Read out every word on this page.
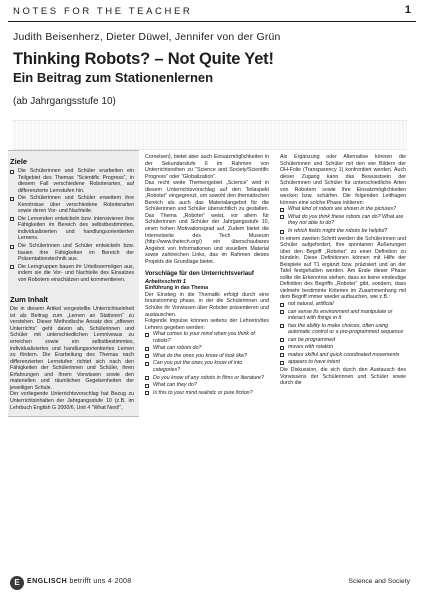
NOTES FOR THE TEACHER	1
Judith Beisenherz, Dieter Düwel, Jennifer von der Grün
Thinking Robots? – Not Quite Yet!
Ein Beitrag zum Stationenlernen
(ab Jahrgangsstufe 10)
Ziele
Die Schülerinnen und Schüler erarbeiten ein Teilgebiet des Themas “Scientific Progress”, in diesem Fall verschiedene Roboterarten, auf differenzierte Lernstufen hin.
Die Schülerinnen und Schüler erweitern ihre Kenntnisse über verschiedene Roboterarten sowie deren Vor- und Nachteile.
Die Lernenden entwickeln bzw. intensivieren ihre Fähigkeiten im Bereich des selbstbestimmten, individualisierten und handlungsorientierten Lernens.
Die Schülerinnen und Schüler entwickeln bzw. bauen ihre Fähigkeiten im Bereich der Präsentationstechnik aus.
Die Lerngruppen bauen ihr Urteilsvermögen aus, indem sie die Vor- und Nachteile des Einsatzes von Robotern einschätzen und kommentieren.
Zum Inhalt

Die in diesem Artikel vorgestellte Unterrichtseinheit ist als Beitrag zum „Lernen an Stationen“ zu verstehen. Dieser Methodische Ansatz des „offenen Unterrichts“ geht davon ab, Schülerinnen und Schüler mit unterschiedlichen Lernniveaus zu erreichen sowie ein selbstbestimmtes, individualisiertes und handlungsorientiertes Lernen zu fördern. Die Erarbeitung des Themas nach differenzierten Lernstufen richtet sich nach den Fähigkeiten der Schülerinnen und Schüler, ihren Erfahrungen und ihrem Vorwissen sowie den materiellen und räumlichen Gegebenheiten der jeweiligen Schule.

Der vorliegende Unterrichtsvorschlag hat Bezug zu Unterrichtsinhalten der Jahrgangsstufe 10 (z.B. im Lehrbuch English G 2000/6, Unit 4 “What Next!”,

Cornelsen), bietet aber auch Einsatzmöglichkeiten in der Sekundarstufe II im Rahmen von Unterrichtsreihen zu “Science and Society/Scientific Progress” oder “Globalization”.

Das recht weite Themengebiet „Science“ wird in diesem Unterrichtsvorschlag auf den Teilaspekt „Roboter“ eingegrenzt, um sowohl den thematischen Bereich als auch das Materialangebot für die Schülerinnen und Schüler übersichtlich zu gestalten. Das Thema „Roboter“ weist, vor allem für Schülerinnen und Schüler der Jahrgangsstufe 10, einen hohen Motivationsgrad auf. Zudem bietet die Internetseite des Tech Museum (http://www.thetech.org/) ein überschaubares Angebot von Informationen und visuellem Material sowie zahlreichen Links, das im Rahmen dieses Projekts die Grundlage bietet.

Vorschläge für den Unterrichtsverlauf
Arbeitsschritt 1

Einführung in das Thema

Der Einstieg in die Thematik erfolgt durch eine brainstorming phase, in der die Schülerinnen und Schüler ihr Vorwissen über Roboter präsentieren und austauschen.

Folgende Impulse können seitens der Lehrerin/des Lehrers gegeben werden:

What comes to your mind when you think of robots?
What can robots do?
What do the ones you know of look like?
Can you put the ones you know of into categories?
Do you know of any robots in films or literature?
What can they do?
Is this to your mind realistic or pure fiction?

Als Ergänzung oder Alternative können die Schülerinnen und Schüler mit den vier Bildern der OH-Folie (Transparency 1) konfrontiert werden. Auch dieser Zugang kann das Bewusstsein der Schülerinnen und Schüler für unterschiedliche Arten von Robotern sowie ihre Einsatzmöglichkeiten wecken bzw. schärfen. Die folgenden Leitfragen können eine solche Phase initiieren:

What kind of robots are shown in the pictures?
What do you think these robots can do? What are they not able to do?
In which fields might the robots be helpful?

In einem zweiten Schritt werden die Schülerinnen und Schüler aufgefordert, ihre spontanen Äußerungen über den Begriff „Roboter“ zu einer Definition zu bündeln. Diese Definitionen können mit Hilfe der Beispiele auf T1 ergänzt bzw. präzisiert und an der Tafel festgehalten werden. Am Ende dieser Phase sollte die Erkenntnis stehen, dass es keine eindeutige Definition des Begriffs „Roboter“ gibt, sondern, dass vielmehr bestimmte Kriterien im Zusammenhang mit dem Begriff immer wieder auftauchen, wie z.B.:

not natural, artificial
can sense its environment and manipulate or interact with things in it
has the ability to make choices, often using automatic control or a pre-programmed sequence
can be programmed
moves with rotation
makes skilful and quick coordinated movements
appears to have intent

Die Diskussion, die sich durch den Austausch des Vorwissens der Schülerinnen und Schüler sowie durch die

E	ENGLISCH betrifft uns 4·2008	Science and Society
